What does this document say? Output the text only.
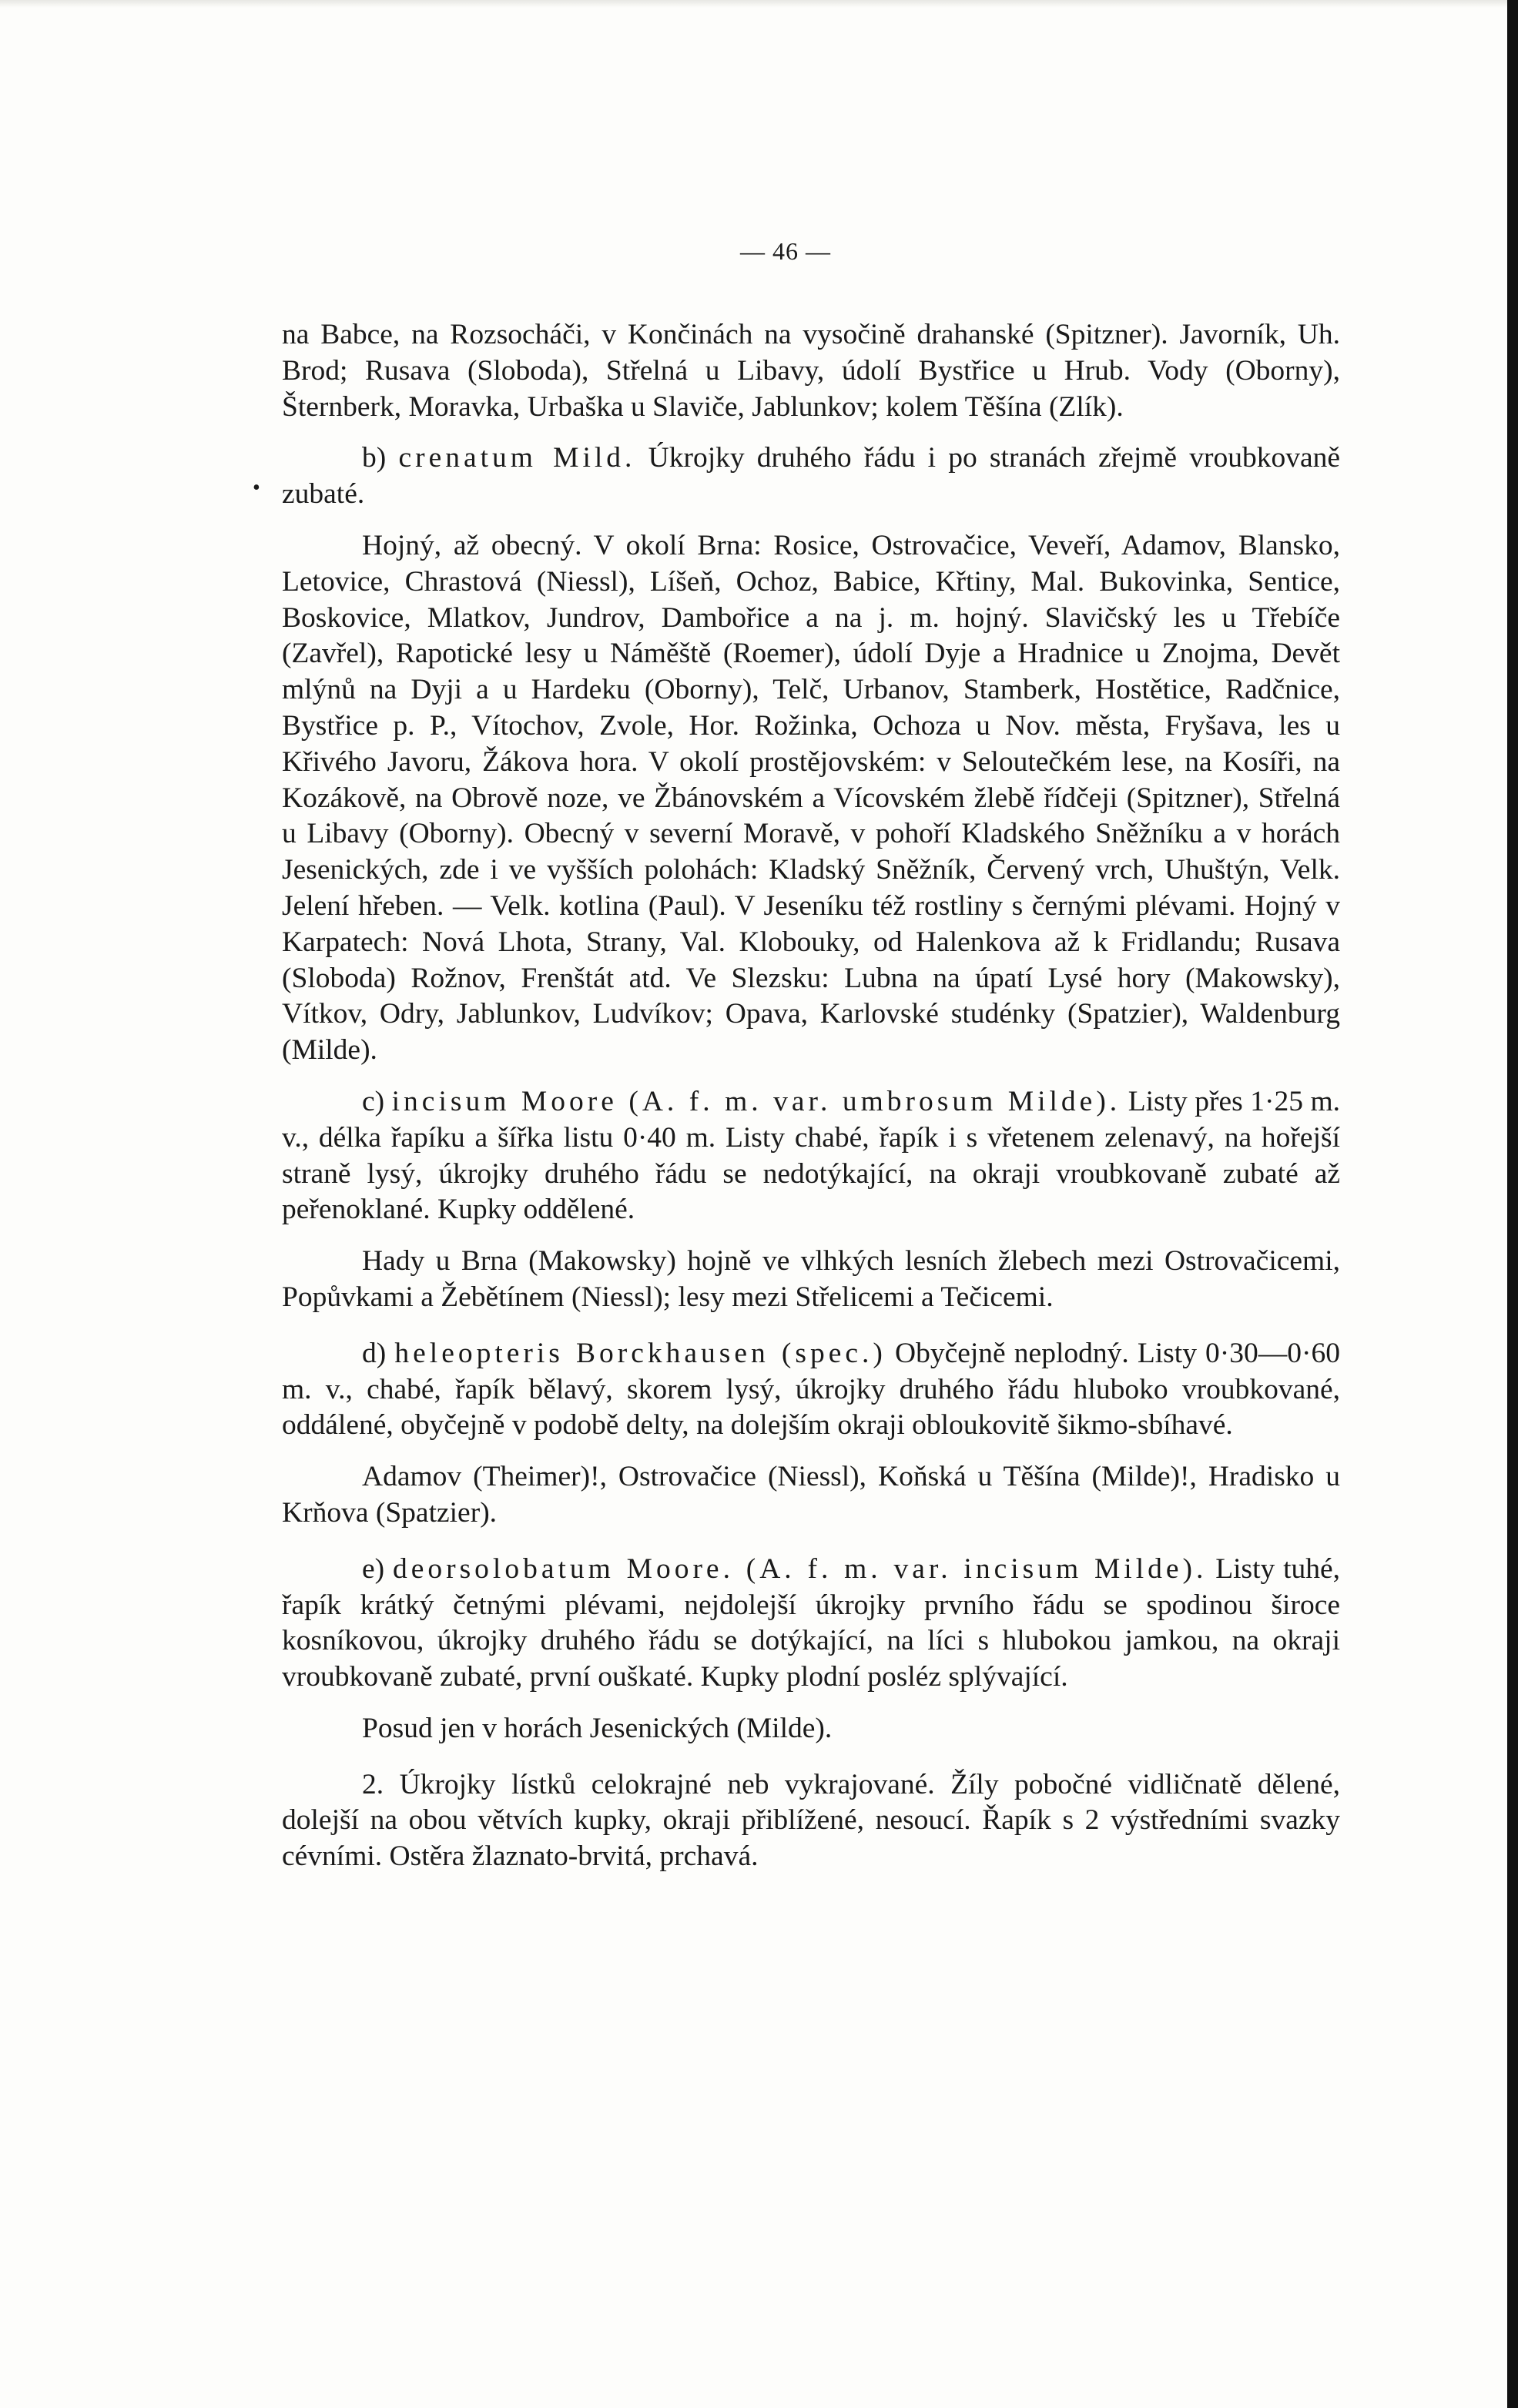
— 46 —
•

na Babce, na Rozsocháči, v Končinách na vysočině drahanské (Spitzner). Javorník, Uh. Brod; Rusava (Sloboda), Střelná u Libavy, údolí Bystřice u Hrub. Vody (Oborny), Šternberk, Moravka, Urbaška u Slaviče, Jablunkov; kolem Těšína (Zlík).

b) crenatum Mild. Úkrojky druhého řádu i po stranách zřejmě vroubkovaně zubaté.

Hojný, až obecný. V okolí Brna: Rosice, Ostrovačice, Veveří, Adamov, Blansko, Letovice, Chrastová (Niessl), Líšeň, Ochoz, Babice, Křtiny, Mal. Bukovinka, Sentice, Boskovice, Mlatkov, Jundrov, Dambořice a na j. m. hojný. Slavičský les u Třebíče (Zavřel), Rapotické lesy u Náměště (Roemer), údolí Dyje a Hradnice u Znojma, Devět mlýnů na Dyji a u Hardeku (Oborny), Telč, Urbanov, Stamberk, Hostětice, Radčnice, Bystřice p. P., Vítochov, Zvole, Hor. Rožinka, Ochoza u Nov. města, Fryšava, les u Křivého Javoru, Žákova hora. V okolí prostějovském: v Seloutečkém lese, na Kosíři, na Kozákově, na Obrově noze, ve Žbánovském a Vícovském žlebě řídčeji (Spitzner), Střelná u Libavy (Oborny). Obecný v severní Moravě, v pohoří Kladského Sněžníku a v horách Jesenických, zde i ve vyšších polohách: Kladský Sněžník, Červený vrch, Uhuštýn, Velk. Jelení hřeben. — Velk. kotlina (Paul). V Jeseníku též rostliny s černými plévami. Hojný v Karpatech: Nová Lhota, Strany, Val. Klobouky, od Halenkova až k Fridlandu; Rusava (Sloboda) Rožnov, Frenštát atd. Ve Slezsku: Lubna na úpatí Lysé hory (Makowsky), Vítkov, Odry, Jablunkov, Ludvíkov; Opava, Karlovské studénky (Spatzier), Waldenburg (Milde).

c) incisum Moore (A. f. m. var. umbrosum Milde). Listy přes 1·25 m. v., délka řapíku a šířka listu 0·40 m. Listy chabé, řapík i s vřetenem zelenavý, na hořejší straně lysý, úkrojky druhého řádu se nedotýkající, na okraji vroubkovaně zubaté až peřenoklané. Kupky oddělené.

Hady u Brna (Makowsky) hojně ve vlhkých lesních žlebech mezi Ostrovačicemi, Popůvkami a Žebětínem (Niessl); lesy mezi Střelicemi a Tečicemi.

d) heleopteris Borckhausen (spec.) Obyčejně neplodný. Listy 0·30—0·60 m. v., chabé, řapík bělavý, skorem lysý, úkrojky druhého řádu hluboko vroubkované, oddálené, obyčejně v podobě delty, na dolejším okraji obloukovitě šikmo-sbíhavé.

Adamov (Theimer)!, Ostrovačice (Niessl), Koňská u Těšína (Milde)!, Hradisko u Krňova (Spatzier).

e) deorsolobatum Moore. (A. f. m. var. incisum Milde). Listy tuhé, řapík krátký četnými plévami, nejdolejší úkrojky prvního řádu se spodinou široce kosníkovou, úkrojky druhého řádu se dotýkající, na líci s hlubokou jamkou, na okraji vroubkovaně zubaté, první ouškaté. Kupky plodní posléz splývající.

Posud jen v horách Jesenických (Milde).

2. Úkrojky lístků celokrajné neb vykrajované. Žíly pobočné vidličnatě dělené, dolejší na obou větvích kupky, okraji přiblížené, nesoucí. Řapík s 2 výstředními svazky cévními. Ostěra žlaznato-brvitá, prchavá.
